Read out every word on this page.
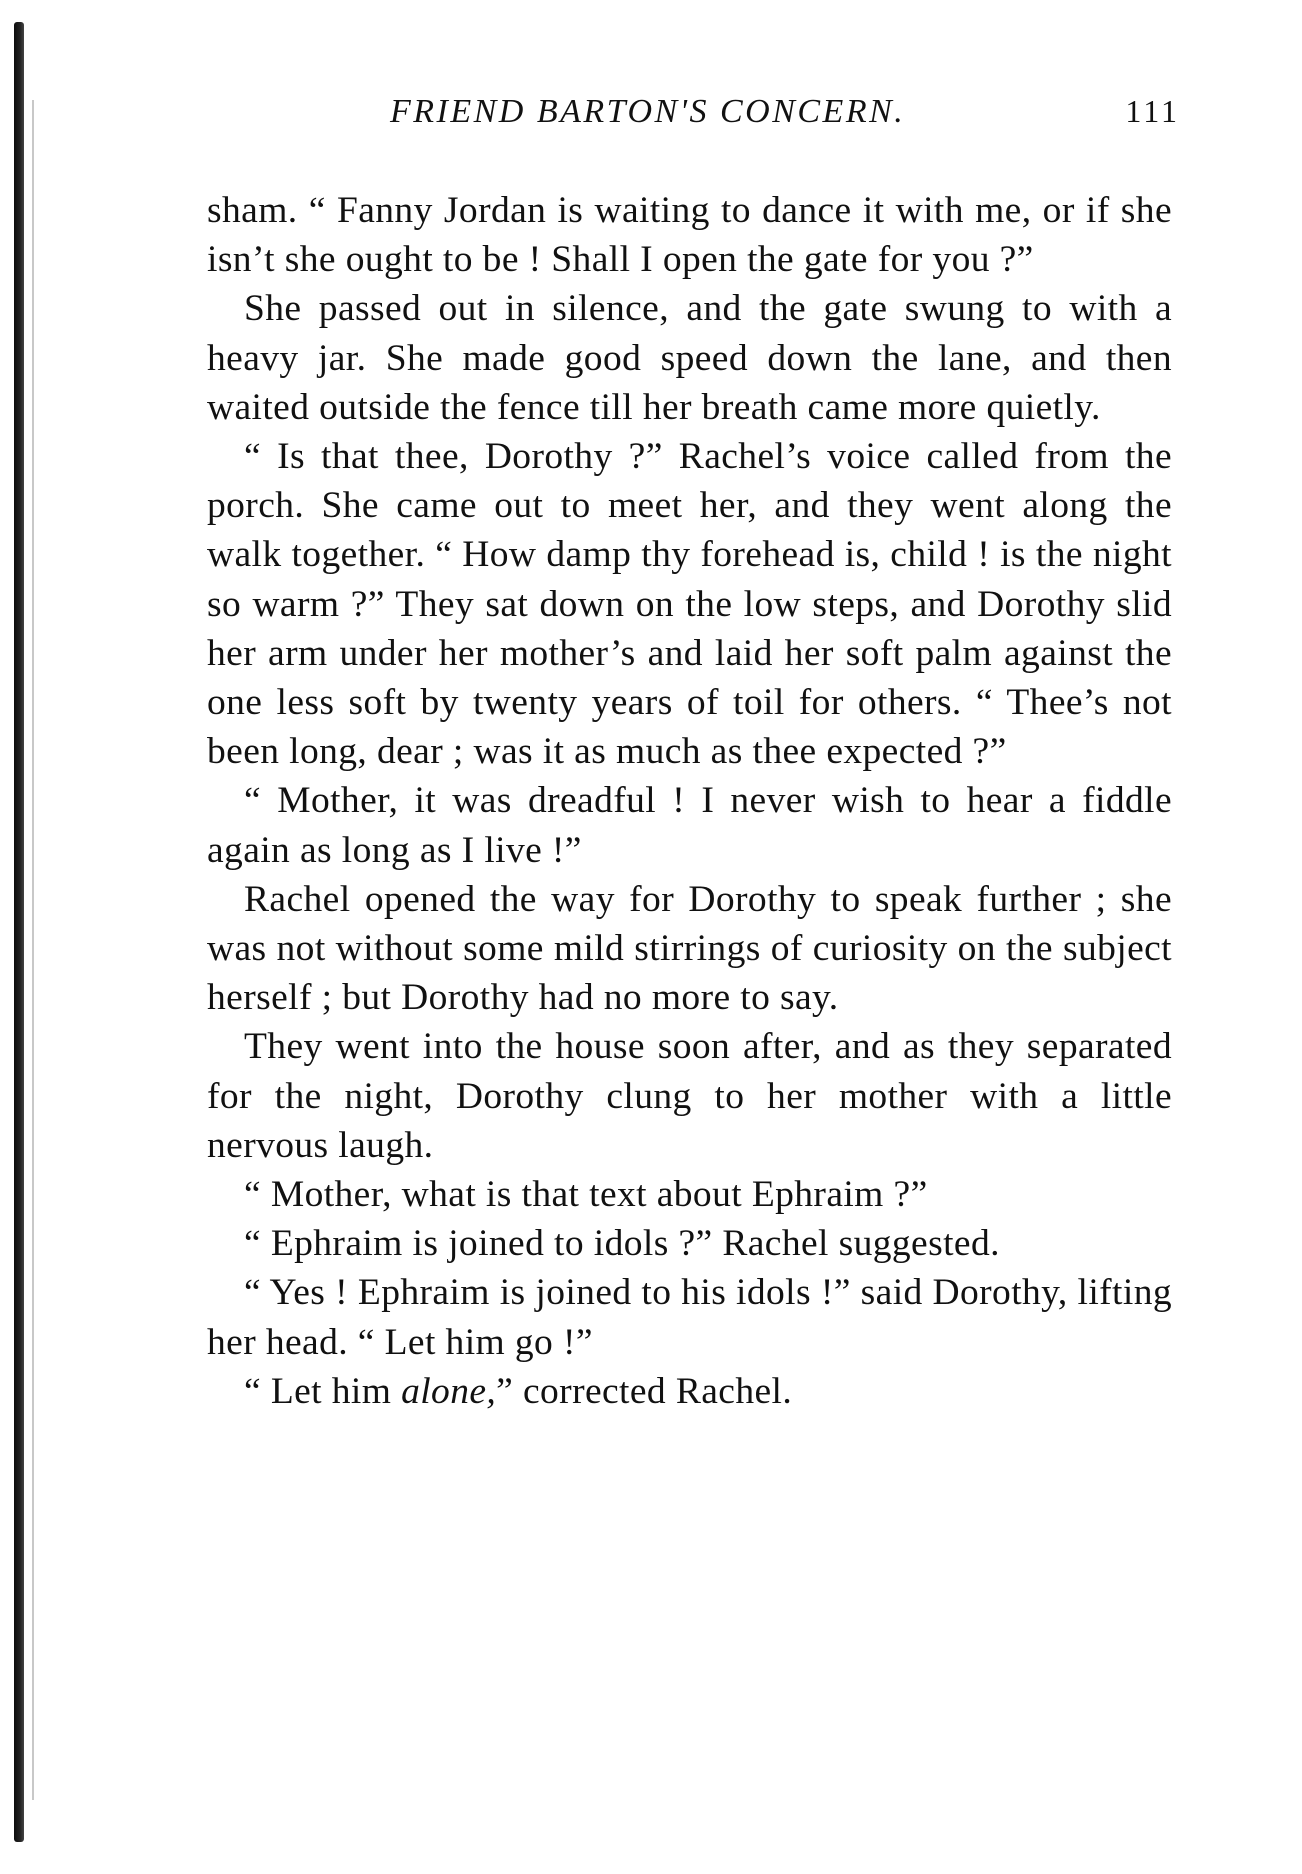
FRIEND BARTON'S CONCERN.	111

sham. “ Fanny Jordan is waiting to dance it with me, or if she isn’t she ought to be ! Shall I open the gate for you ?”

She passed out in silence, and the gate swung to with a heavy jar. She made good speed down the lane, and then waited outside the fence till her breath came more quietly.

“ Is that thee, Dorothy ?” Rachel’s voice called from the porch. She came out to meet her, and they went along the walk together. “ How damp thy forehead is, child ! is the night so warm ?” They sat down on the low steps, and Dorothy slid her arm under her mother’s and laid her soft palm against the one less soft by twenty years of toil for others. “ Thee’s not been long, dear ; was it as much as thee expected ?”

“ Mother, it was dreadful ! I never wish to hear a fiddle again as long as I live !”

Rachel opened the way for Dorothy to speak further ; she was not without some mild stirrings of curiosity on the subject herself ; but Dorothy had no more to say.

They went into the house soon after, and as they separated for the night, Dorothy clung to her mother with a little nervous laugh.

“ Mother, what is that text about Ephraim ?”

“ Ephraim is joined to idols ?” Rachel suggested.

“ Yes ! Ephraim is joined to his idols !” said Dorothy, lifting her head. “ Let him go !”

“ Let him alone,” corrected Rachel.
